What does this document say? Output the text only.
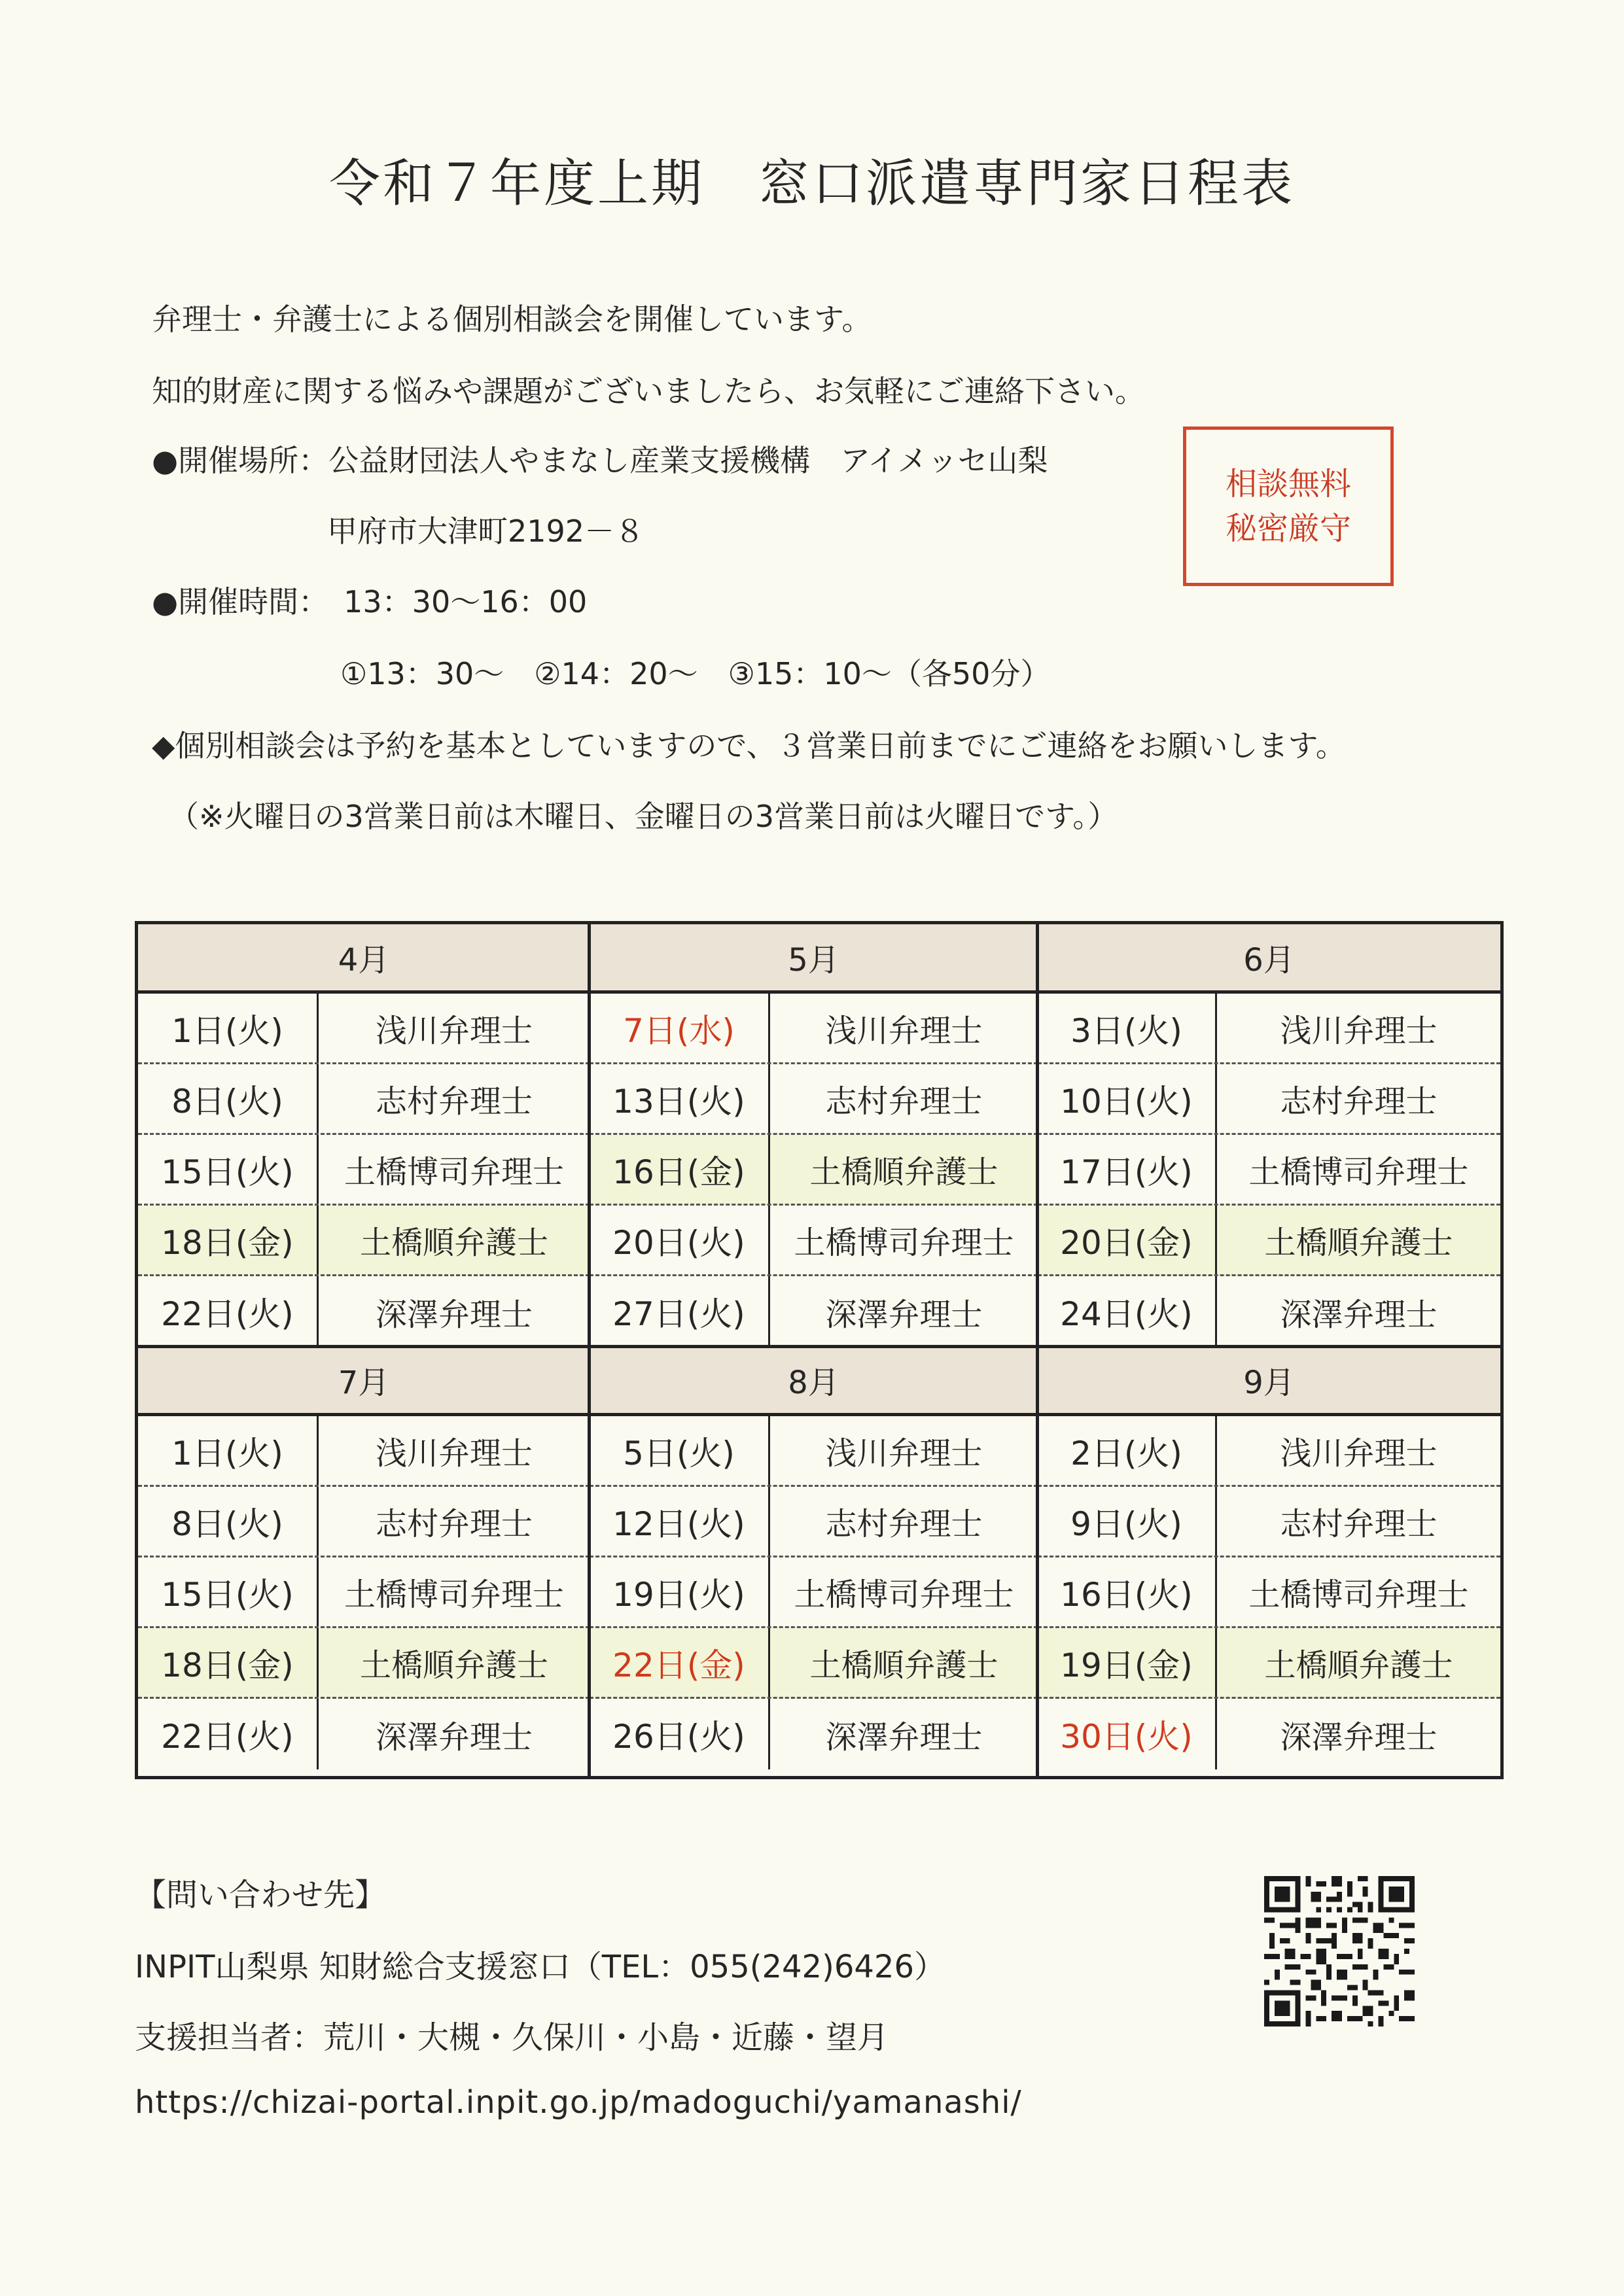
令和７年度上期　窓口派遣専門家日程表
弁理士・弁護士による個別相談会を開催しています。
知的財産に関する悩みや課題がございましたら、お気軽にご連絡下さい。
●開催場所：公益財団法人やまなし産業支援機構　アイメッセ山梨
甲府市大津町2192－８
●開催時間：　13：30～16：00
①13：30～　②14：20～　③15：10～（各50分）
◆個別相談会は予約を基本としていますので、３営業日前までにご連絡をお願いします。
（※火曜日の3営業日前は木曜日、金曜日の3営業日前は火曜日です。）
相談無料
秘密厳守
4月
1日(火)	浅川弁理士
8日(火)	志村弁理士
15日(火)	土橋博司弁理士
18日(金)	土橋順弁護士
22日(火)	深澤弁理士
5月
7日(水)	浅川弁理士
13日(火)	志村弁理士
16日(金)	土橋順弁護士
20日(火)	土橋博司弁理士
27日(火)	深澤弁理士
6月
3日(火)	浅川弁理士
10日(火)	志村弁理士
17日(火)	土橋博司弁理士
20日(金)	土橋順弁護士
24日(火)	深澤弁理士
7月
1日(火)	浅川弁理士
8日(火)	志村弁理士
15日(火)	土橋博司弁理士
18日(金)	土橋順弁護士
22日(火)	深澤弁理士
8月
5日(火)	浅川弁理士
12日(火)	志村弁理士
19日(火)	土橋博司弁理士
22日(金)	土橋順弁護士
26日(火)	深澤弁理士
9月
2日(火)	浅川弁理士
9日(火)	志村弁理士
16日(火)	土橋博司弁理士
19日(金)	土橋順弁護士
30日(火)	深澤弁理士
【問い合わせ先】
INPIT山梨県 知財総合支援窓口（TEL：055(242)6426）
支援担当者：荒川・大槻・久保川・小島・近藤・望月
https://chizai-portal.inpit.go.jp/madoguchi/yamanashi/
